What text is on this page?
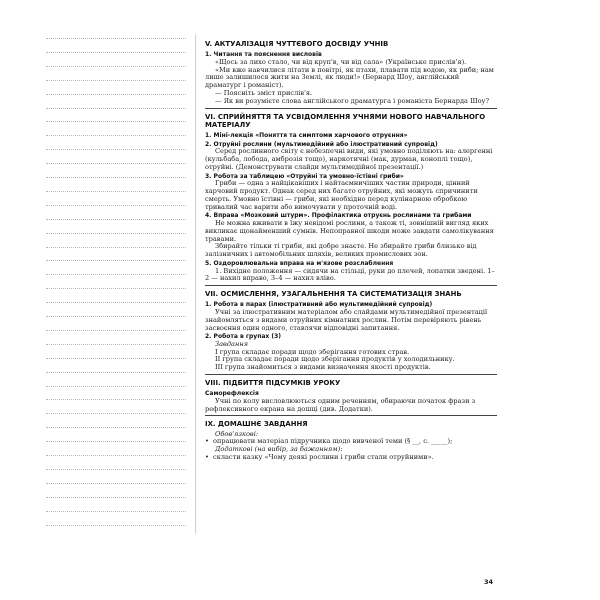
V. АКТУАЛІЗАЦІЯ ЧУТТЄВОГО ДОСВІДУ УЧНІВ
1. Читання та пояснення висловів

«Щось за лихо стало, чи від круп'в, чи від сала» (Українське прислів'я).

«Ми вже навчилися літати в повітрі, як птахи, плавати під водою, як риби; нам лише залишилося жити на Землі, як люди!» (Бернард Шоу, англійський драматург і романіст).

— Поясніть зміст прислів'я.

— Як ви розумієте слова англійського драматурга і романіста Бернарда Шоу?

VI. СПРИЙНЯТТЯ ТА УСВІДОМЛЕННЯ УЧНЯМИ НОВОГО НАВЧАЛЬНОГО МАТЕРІАЛУ
1. Міні-лекція «Поняття та симптоми харчового отруєння»
2. Отруйні рослини (мультимедійний або ілюстративний супровід)

Серед рослинного світу є небезпечні види, які умовно поділяють на: алергенні (кульбаба, лобода, амброзія тощо), наркотичні (мак, дурман, коноплі тощо), отруйні. (Демонструвати слайди мультимедійної презентації.)

3. Робота за таблицею «Отруйні та умовно-їстівні гриби»

Гриби — одна з найцікавіших і найтаємничіших частин природи, цінний харчовий продукт. Однак серед них багато отруйних, які можуть спричинити смерть. Умовно їстівні — гриби, які необхідно перед кулінарною обробкою тривалий час варити або вимочувати у проточній воді.

4. Вправа «Мозковий штурм». Профілактика отруєнь рослинами та грибами

Не можна вживати в їжу невідомі рослини, а також ті, зовнішній вигляд яких викликає щонайменший сумнів. Непоправної шкоди може завдати самолікування травами.

Збирайте тільки ті гриби, які добре знаєте. Не збирайте гриби близько від залізничних і автомобільних шляхів, великих промислових зон.

5. Оздоровлювальна вправа на м'язове розслаблення

1. Вихідне положення — сидячи на стільці, руки до плечей, лопатки зведені. 1–2 — нахил вправо, 3–4 — нахил вліво.

VII. ОСМИСЛЕННЯ, УЗАГАЛЬНЕННЯ ТА СИСТЕМАТИЗАЦІЯ ЗНАНЬ
1. Робота в парах (ілюстративний або мультимедійний супровід)

Учні за ілюстративним матеріалом або слайдами мультимедійної презентації знайомляться з видами отруйних кімнатних рослин. Потім перевіряють рівень засвоєння один одного, ставлячи відповідні запитання.

2. Робота в групах (3)

Завдання

I група складає поради щодо зберігання готових страв.

II група складає поради щодо зберігання продуктів у холодильнику.

III група знайомиться з видами визначення якості продуктів.

VIII. ПІДБИТТЯ ПІДСУМКІВ УРОКУ
Саморефлексія

Учні по колу висловлюються одним реченням, обираючи початок фрази з рефлексивного екрана на дошці (див. Додатки).

IX. ДОМАШНЄ ЗАВДАННЯ

Обов'язкові:

• опрацювати матеріал підручника щодо вивченої теми (§ __, с. _____);

Додаткові (на вибір, за бажанням):

• скласти казку «Чому деякі рослини і гриби стали отруйними».
34
